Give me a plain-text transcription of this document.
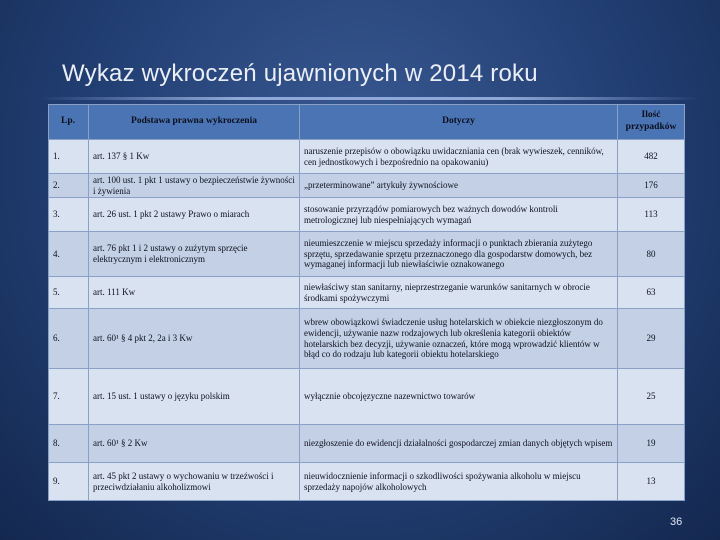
Wykaz wykroczeń ujawnionych w 2014 roku
Lp.	Podstawa prawna wykroczenia	Dotyczy	Ilość przypadków
1.	art. 137 § 1 Kw	naruszenie przepisów o obowiązku uwidaczniania cen (brak wywieszek, cenników, cen jednostkowych i bezpośrednio na opakowaniu)	482
2.	art. 100 ust. 1 pkt 1 ustawy o bezpieczeństwie żywności i żywienia	„przeterminowane” artykuły żywnościowe	176
3.	art. 26 ust. 1 pkt 2 ustawy Prawo o miarach	stosowanie przyrządów pomiarowych bez ważnych dowodów kontroli metrologicznej lub niespełniających wymagań	113
4.	art. 76 pkt 1 i 2 ustawy o zużytym sprzęcie elektrycznym i elektronicznym	nieumieszczenie w miejscu sprzedaży informacji o punktach zbierania zużytego sprzętu, sprzedawanie sprzętu przeznaczonego dla gospodarstw domowych, bez wymaganej informacji lub niewłaściwie oznakowanego	80
5.	art. 111 Kw	niewłaściwy stan sanitarny, nieprzestrzeganie warunków sanitarnych w obrocie środkami spożywczymi	63
6.	art. 60¹ § 4 pkt 2, 2a i 3 Kw	wbrew obowiązkowi świadczenie usług hotelarskich w obiekcie niezgłoszonym do ewidencji, używanie nazw rodzajowych lub określenia kategorii obiektów hotelarskich bez decyzji, używanie oznaczeń, które mogą wprowadzić klientów w błąd co do rodzaju lub kategorii obiektu hotelarskiego	29
7.	art. 15 ust. 1 ustawy o języku polskim	wyłącznie obcojęzyczne nazewnictwo towarów	25
8.	art. 60¹ § 2 Kw	niezgłoszenie do ewidencji działalności gospodarczej zmian danych objętych wpisem	19
9.	art. 45 pkt 2 ustawy o wychowaniu w trzeźwości i przeciwdziałaniu alkoholizmowi	nieuwidocznienie informacji o szkodliwości spożywania alkoholu w miejscu sprzedaży napojów alkoholowych	13
36
